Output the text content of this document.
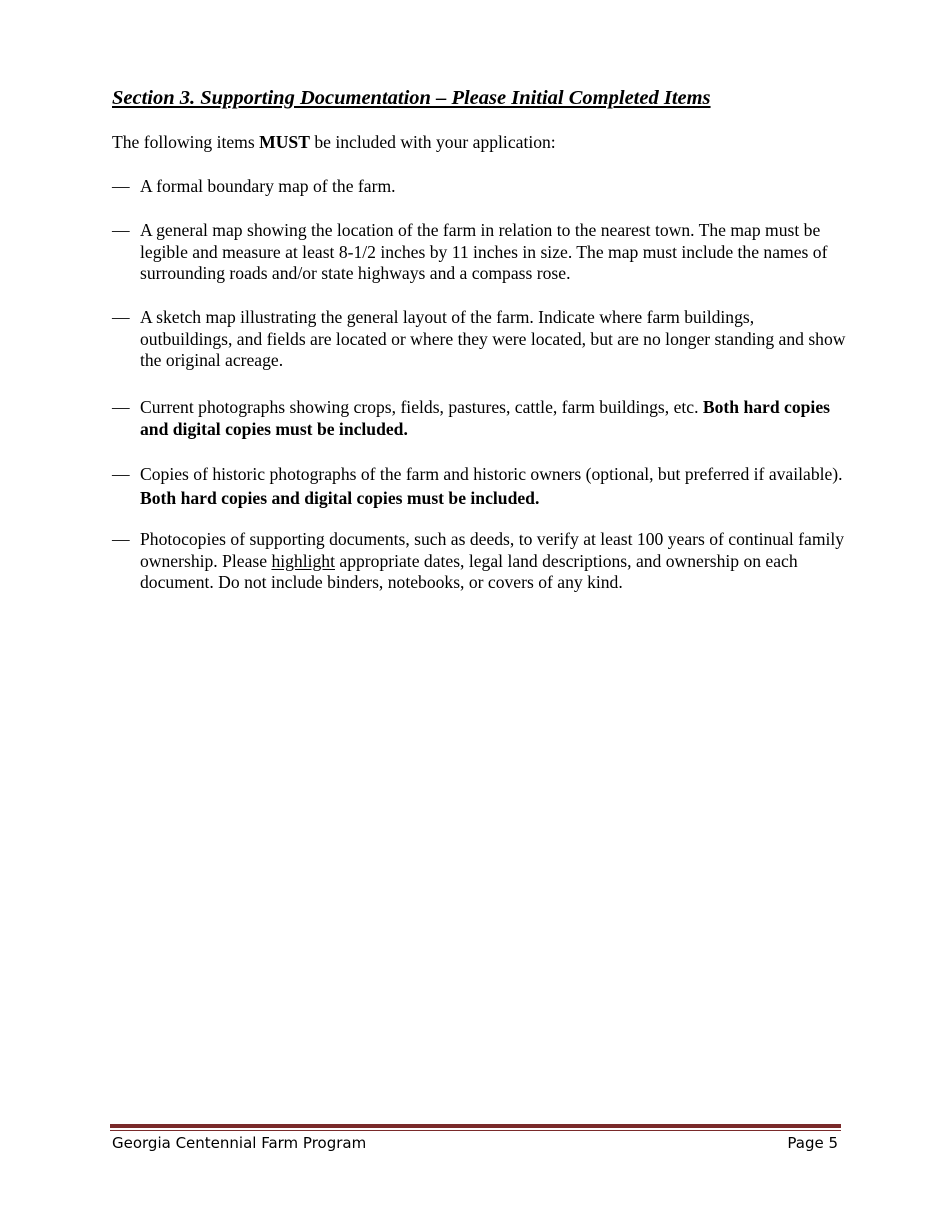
Section 3. Supporting Documentation – Please Initial Completed Items

The following items MUST be included with your application:

— A formal boundary map of the farm.
— A general map showing the location of the farm in relation to the nearest town. The map must be legible and measure at least 8-1/2 inches by 11 inches in size. The map must include the names of surrounding roads and/or state highways and a compass rose.
— A sketch map illustrating the general layout of the farm. Indicate where farm buildings, outbuildings, and fields are located or where they were located, but are no longer standing and show the original acreage.
— Current photographs showing crops, fields, pastures, cattle, farm buildings, etc. Both hard copies and digital copies must be included.
— Copies of historic photographs of the farm and historic owners (optional, but preferred if available). Both hard copies and digital copies must be included.
— Photocopies of supporting documents, such as deeds, to verify at least 100 years of continual family ownership. Please highlight appropriate dates, legal land descriptions, and ownership on each document. Do not include binders, notebooks, or covers of any kind.
Georgia Centennial Farm Program	Page 5
